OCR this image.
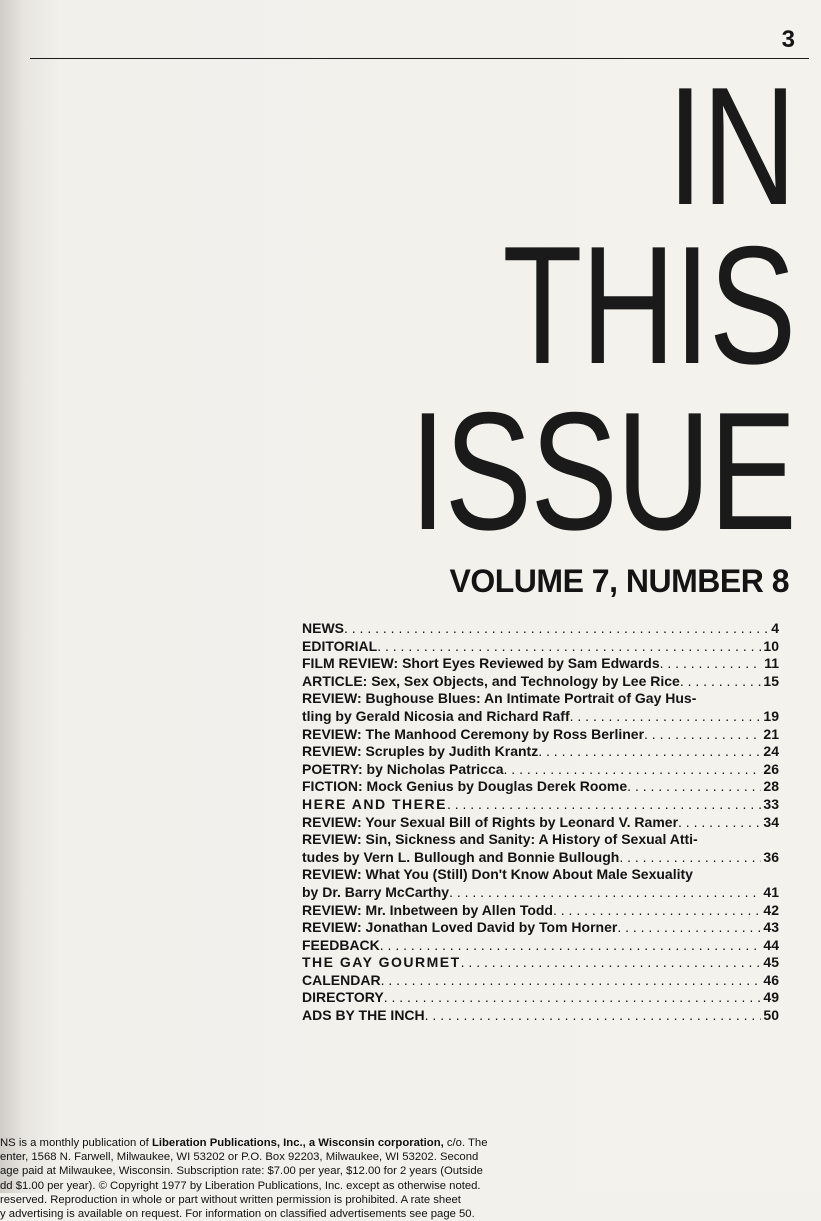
3
IN
THIS
ISSUE
VOLUME 7, NUMBER 8
NEWS . . .	4
EDITORIAL . . .	10
FILM REVIEW: Short Eyes Reviewed by Sam Edwards . . .	11
ARTICLE: Sex, Sex Objects, and Technology by Lee Rice . . .	15
REVIEW: Bughouse Blues: An Intimate Portrait of Gay Hus-
tling by Gerald Nicosia and Richard Raff . . .	19
REVIEW: The Manhood Ceremony by Ross Berliner . . .	21
REVIEW: Scruples by Judith Krantz . . .	24
POETRY: by Nicholas Patricca . . .	26
FICTION: Mock Genius by Douglas Derek Roome . . .	28
HERE AND THERE . . .	33
REVIEW: Your Sexual Bill of Rights by Leonard V. Ramer . . .	34
REVIEW: Sin, Sickness and Sanity: A History of Sexual Atti-
tudes by Vern L. Bullough and Bonnie Bullough . . .	36
REVIEW: What You (Still) Don't Know About Male Sexuality
by Dr. Barry McCarthy . . .	41
REVIEW: Mr. Inbetween by Allen Todd . . .	42
REVIEW: Jonathan Loved David by Tom Horner . . .	43
FEEDBACK . . .	44
THE GAY GOURMET . . .	45
CALENDAR . . .	46
DIRECTORY . . .	49
ADS BY THE INCH . . .	50

NS is a monthly publication of Liberation Publications, Inc., a Wisconsin corporation, c/o. The

enter, 1568 N. Farwell, Milwaukee, WI 53202 or P.O. Box 92203, Milwaukee, WI 53202. Second

age paid at Milwaukee, Wisconsin. Subscription rate: $7.00 per year, $12.00 for 2 years (Outside

dd $1.00 per year). © Copyright 1977 by Liberation Publications, Inc. except as otherwise noted.

reserved. Reproduction in whole or part without written permission is prohibited. A rate sheet

y advertising is available on request. For information on classified advertisements see page 50.
